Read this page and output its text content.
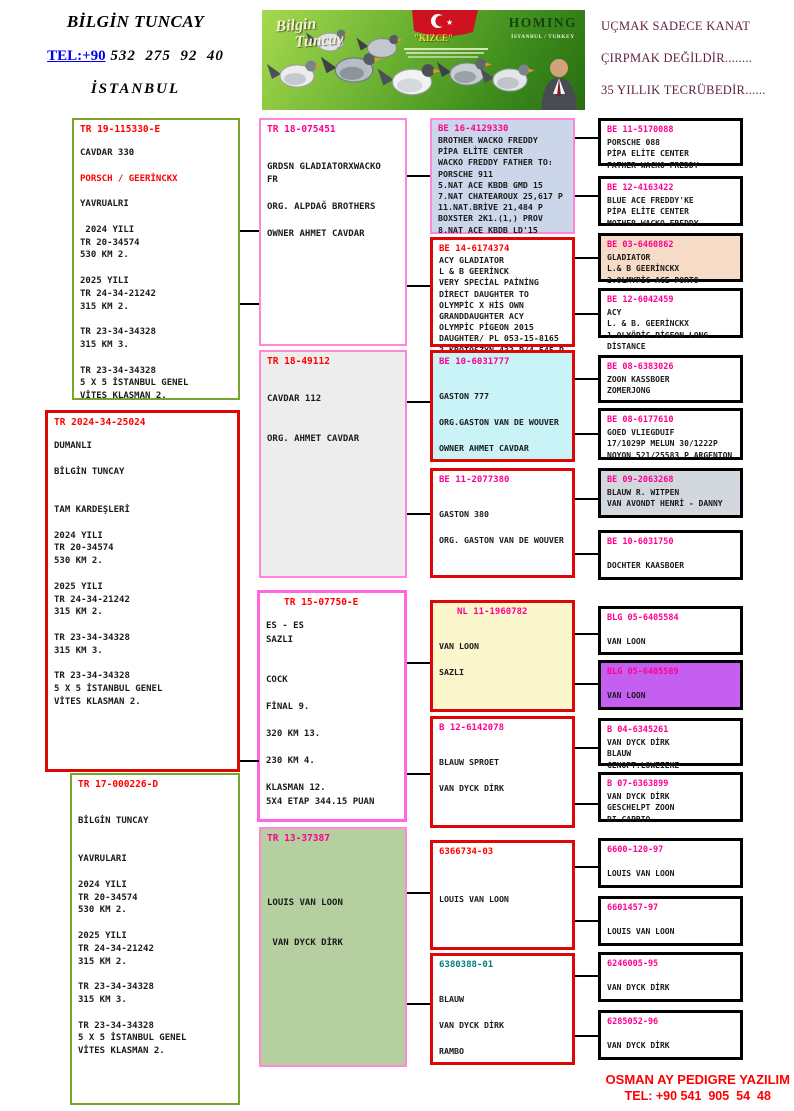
BİLGİN TUNCAY
TEL:+90 532  275  92  40
İSTANBUL
★
Bilgin
Tuncay	"KIZCE"
HOMING
İSTANBUL / TURKEY
UÇMAK SADECE KANAT
ÇIRPMAK DEĞİLDİR........
35 YILLIK TECRÜBEDİR......
TR 19-115330-E
CAVDAR 330

PORSCH / GEERİNCKX

YAVRUALRI

2024 YILI
TR 20-34574
530 KM 2.

2025 YILI
TR 24-34-21242
315 KM 2.

TR 23-34-34328
315 KM 3.

TR 23-34-34328
5 X 5 İSTANBUL GENEL
VİTES KLASMAN 2.
TR 2024-34-25024
DUMANLI

BİLGİN TUNCAY

TAM KARDEŞLERİ

2024 YILI
TR 20-34574
530 KM 2.

2025 YILI
TR 24-34-21242
315 KM 2.

TR 23-34-34328
315 KM 3.

TR 23-34-34328
5 X 5 İSTANBUL GENEL
VİTES KLASMAN 2.
TR 17-000226-D

BİLGİN TUNCAY

YAVRULARI

2024 YILI
TR 20-34574
530 KM 2.

2025 YILI
TR 24-34-21242
315 KM 2.

TR 23-34-34328
315 KM 3.

TR 23-34-34328
5 X 5 İSTANBUL GENEL
VİTES KLASMAN 2.
TR 18-075451

GRDSN GLADIATORXWACKO
FR

ORG. ALPDAĞ BROTHERS

OWNER AHMET CAVDAR
TR 18-49112

CAVDAR 112

ORG. AHMET CAVDAR
TR 15-07750-E
ES - ES
SAZLI

COCK

FİNAL 9.

320 KM 13.

230 KM 4.

KLASMAN 12.
5X4 ETAP 344.15 PUAN
TR 13-37387

LOUIS VAN LOON

VAN DYCK DİRK
BE 16-4129330
BROTHER WACKO FREDDY
PİPA ELİTE CENTER
WACKO FREDDY FATHER TO:
PORSCHE 911
5.NAT ACE KBDB GMD 15
7.NAT CHATEAROUX 25,617 P
11.NAT.BRİVE 21,484 P
BOXSTER 2K1.(1,) PROV
8.NAT ACE KBDB LD'15
BE 14-6174374
ACY GLADIATOR
L & B GEERİNCK
VERY SPECİAL PAİNİNG
DİRECT DAUGHTER TO
OLYMPİC X HİS OWN
GRANDDAUGHTER ACY
OLYMPİC PİGEON 2015
DAUGHTER/ PL 053-15-8165
BE 10-6031777

GASTON 777

ORG.GASTON VAN DE WOUVER

OWNER AHMET CAVDAR
BE 11-2077380

GASTON 380

ORG. GASTON VAN DE WOUVER
NL 11-1960782

VAN LOON

SAZLI
B 12-6142078

BLAUW SPROET

VAN DYCK DİRK
6366734-03

LOUIS VAN LOON
6380388-01

BLAUW

VAN DYCK DİRK

RAMBO
BE 11-5170088
PORSCHE 088
PİPA ELİTE CENTER
FATHER WACKO FREDDY
BE 12-4163422
BLUE ACE FREDDY'KE
PİPA ELİTE CENTER
MOTHER WACKO FREDDY
BE 03-6460862
GLADIATOR
L.& B GEERİNCKX
2.OLMYPİC ACE PORTO
BE 12-6042459
ACY
L. & B. GEERİNCKX
1.OLYÖPİC PİGEON LONG
DİSTANCE
BE 08-6383026
ZOON KASSBOER
ZOMERJONG
BE 08-6177610
GOED VLIEGDUIF
17/1029P MELUN 30/1222P
NOYON 521/25583 P ARGENTON
BE 09-2063268
BLAUW R. WITPEN
VAN AVONDT HENRİ - DANNY
BE 10-6031750

DOCHTER KAASBOER
BLG 05-6405584

VAN LOON
BLG 05-6405589

VAN LOON
B 04-6345261
VAN DYCK DİRK
BLAUW
GENOPT.LOWEIEKE
B 07-6363899
VAN DYCK DİRK
GESCHELPT ZOON
DI CAPRIO
6600-120-97

LOUIS VAN LOON
6601457-97

LOUIS VAN LOON
6246005-95

VAN DYCK DİRK
6285052-96

VAN DYCK DİRK
OSMAN AY PEDIGRE YAZILIM
TEL: +90 541  905  54  48
